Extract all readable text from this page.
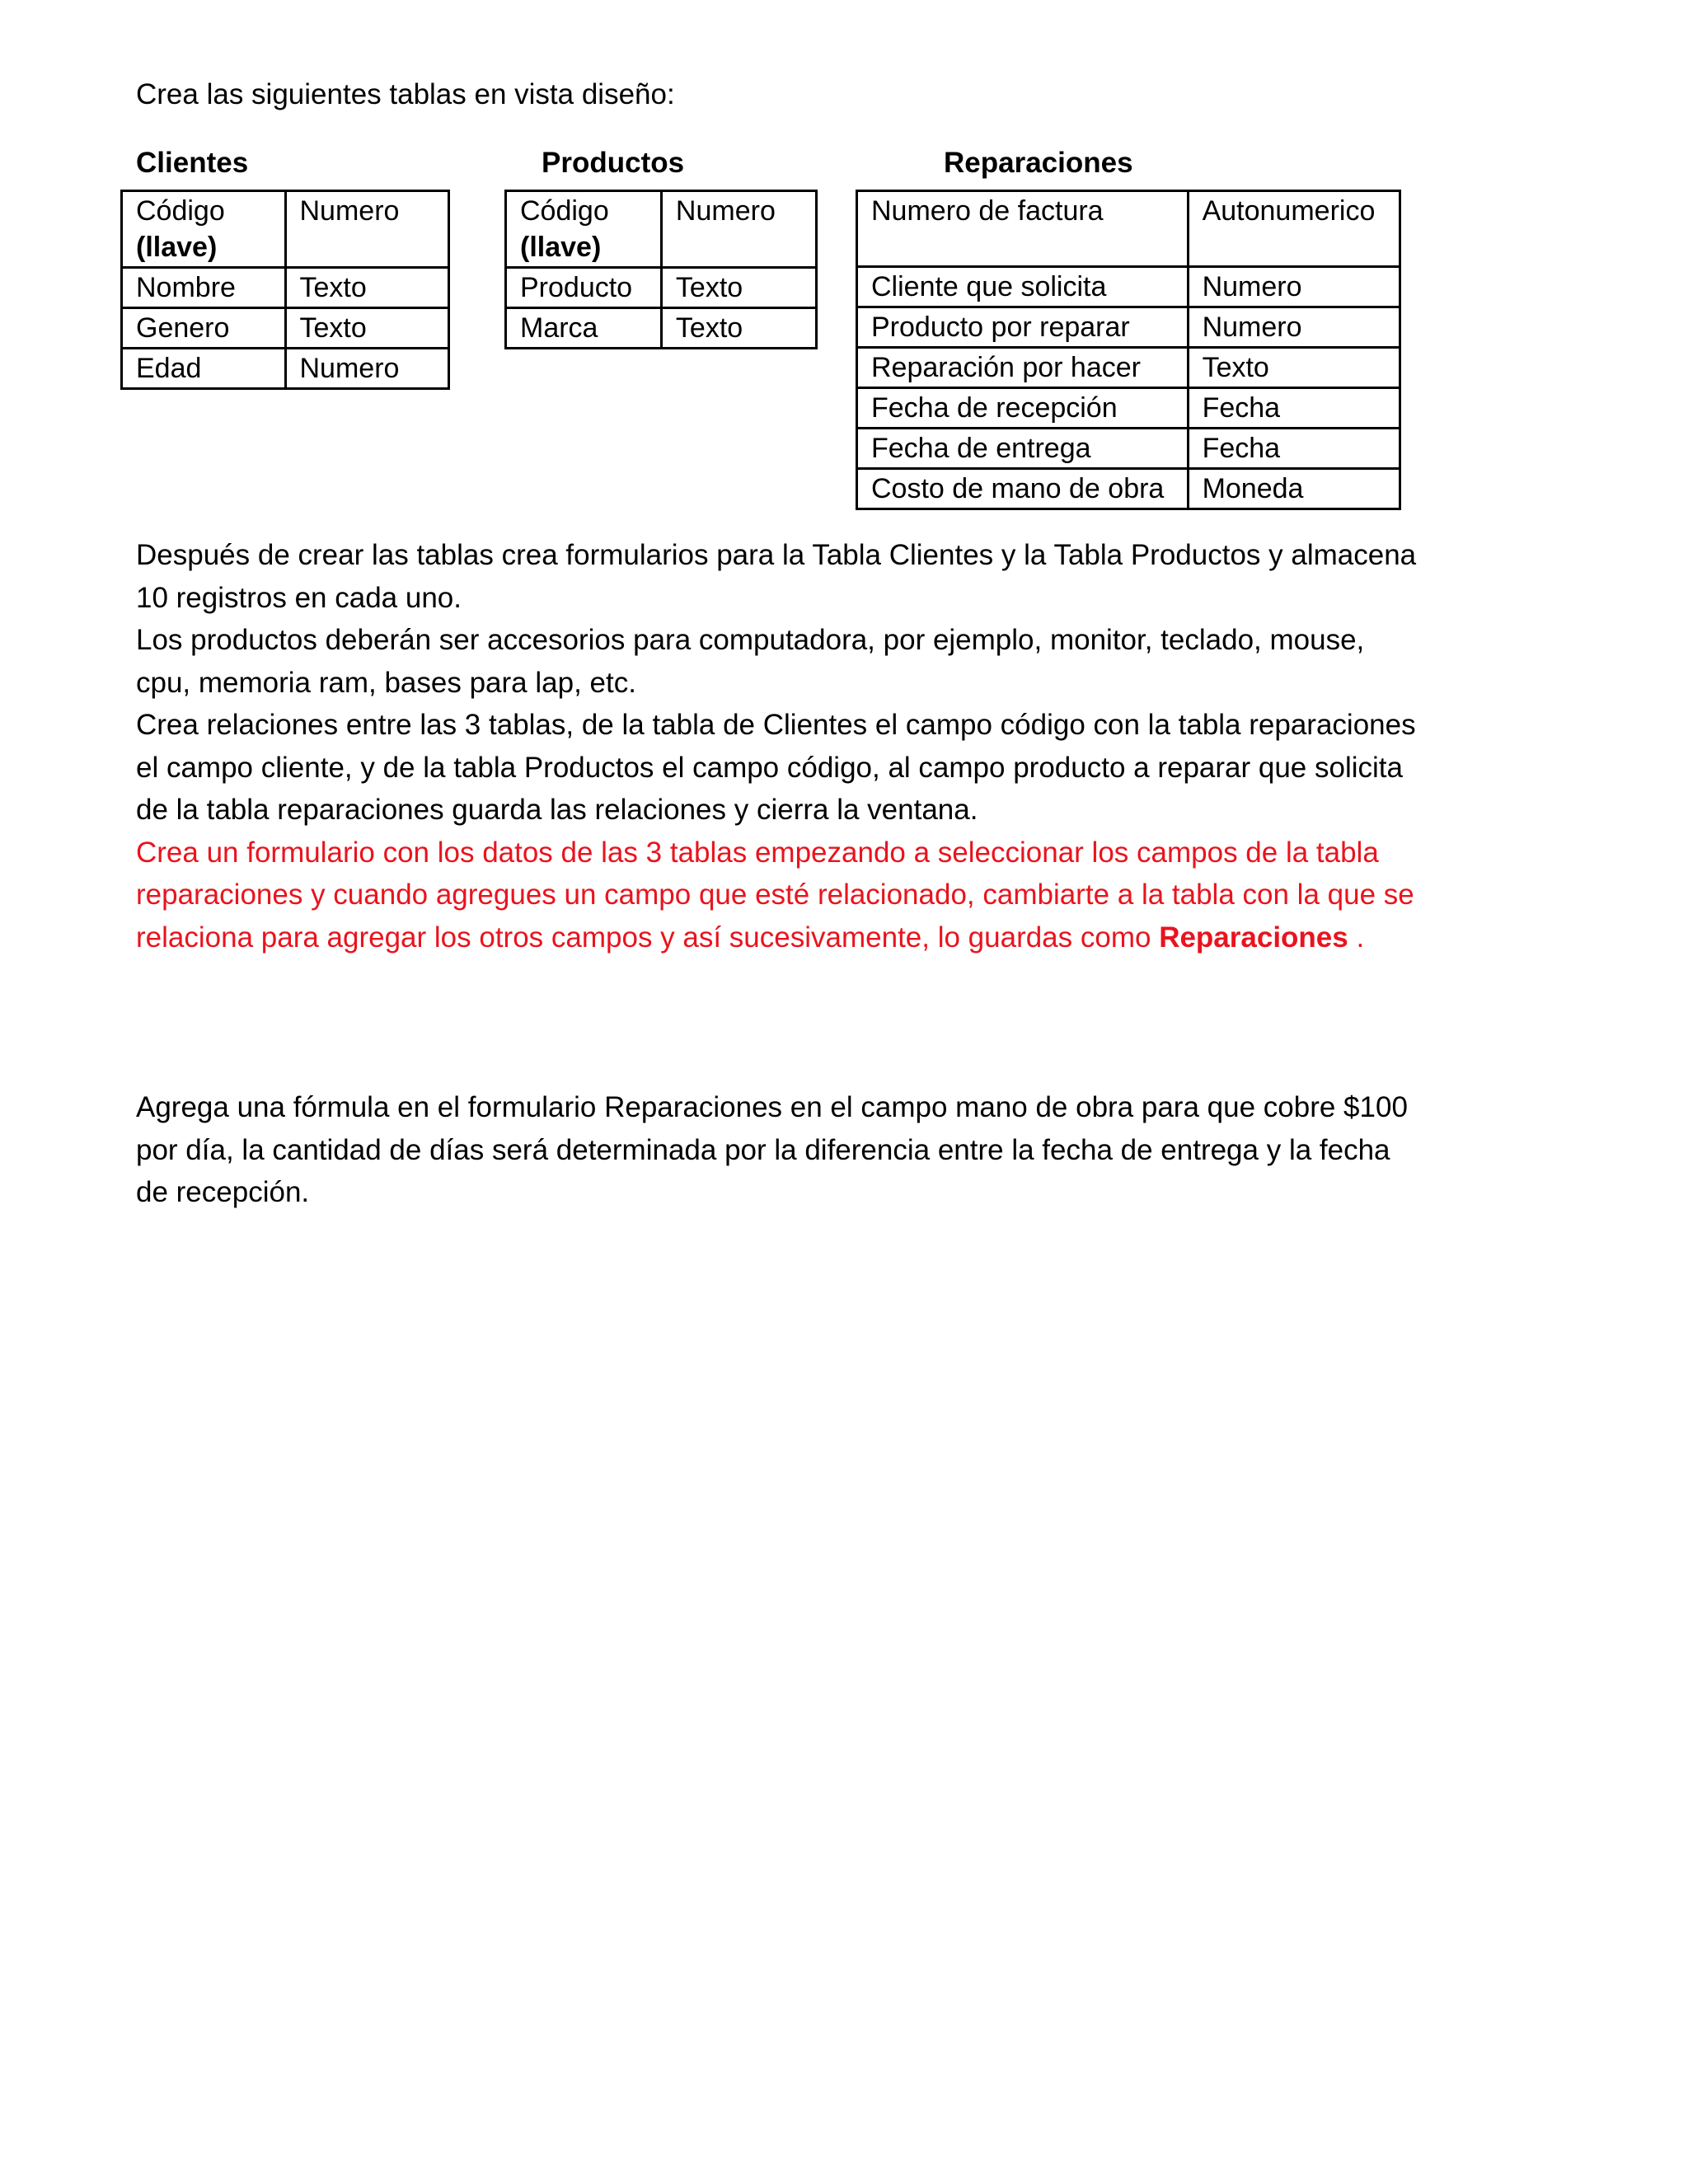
Crea las siguientes tablas en vista diseño:
Clientes	Productos	Reparaciones
Código
(llave)	Numero
Nombre	Texto
Genero	Texto
Edad	Numero
Código
(llave)	Numero
Producto	Texto
Marca	Texto
Numero de factura	Autonumerico
Cliente que solicita	Numero
Producto por reparar	Numero
Reparación por hacer	Texto
Fecha de recepción	Fecha
Fecha de entrega	Fecha
Costo de mano de obra	Moneda

Después de crear las tablas crea formularios para la Tabla Clientes y la Tabla Productos y almacena 10 registros en cada uno.

Los productos deberán ser accesorios para computadora, por ejemplo, monitor, teclado, mouse, cpu, memoria ram, bases para lap, etc.

Crea relaciones entre las 3 tablas, de la tabla de Clientes el campo código con la tabla reparaciones el campo cliente, y de la tabla Productos el campo código, al campo producto a reparar que solicita de la tabla reparaciones guarda las relaciones y cierra la ventana.

Crea un formulario con los datos de las 3 tablas empezando a seleccionar los campos de la tabla reparaciones y cuando agregues un campo que esté relacionado, cambiarte a la tabla con la que se relaciona para agregar los otros campos y así sucesivamente, lo guardas como Reparaciones .

Agrega una fórmula en el formulario Reparaciones en el campo mano de obra para que cobre $100 por día, la cantidad de días será determinada por la diferencia entre la fecha de entrega y la fecha de recepción.
